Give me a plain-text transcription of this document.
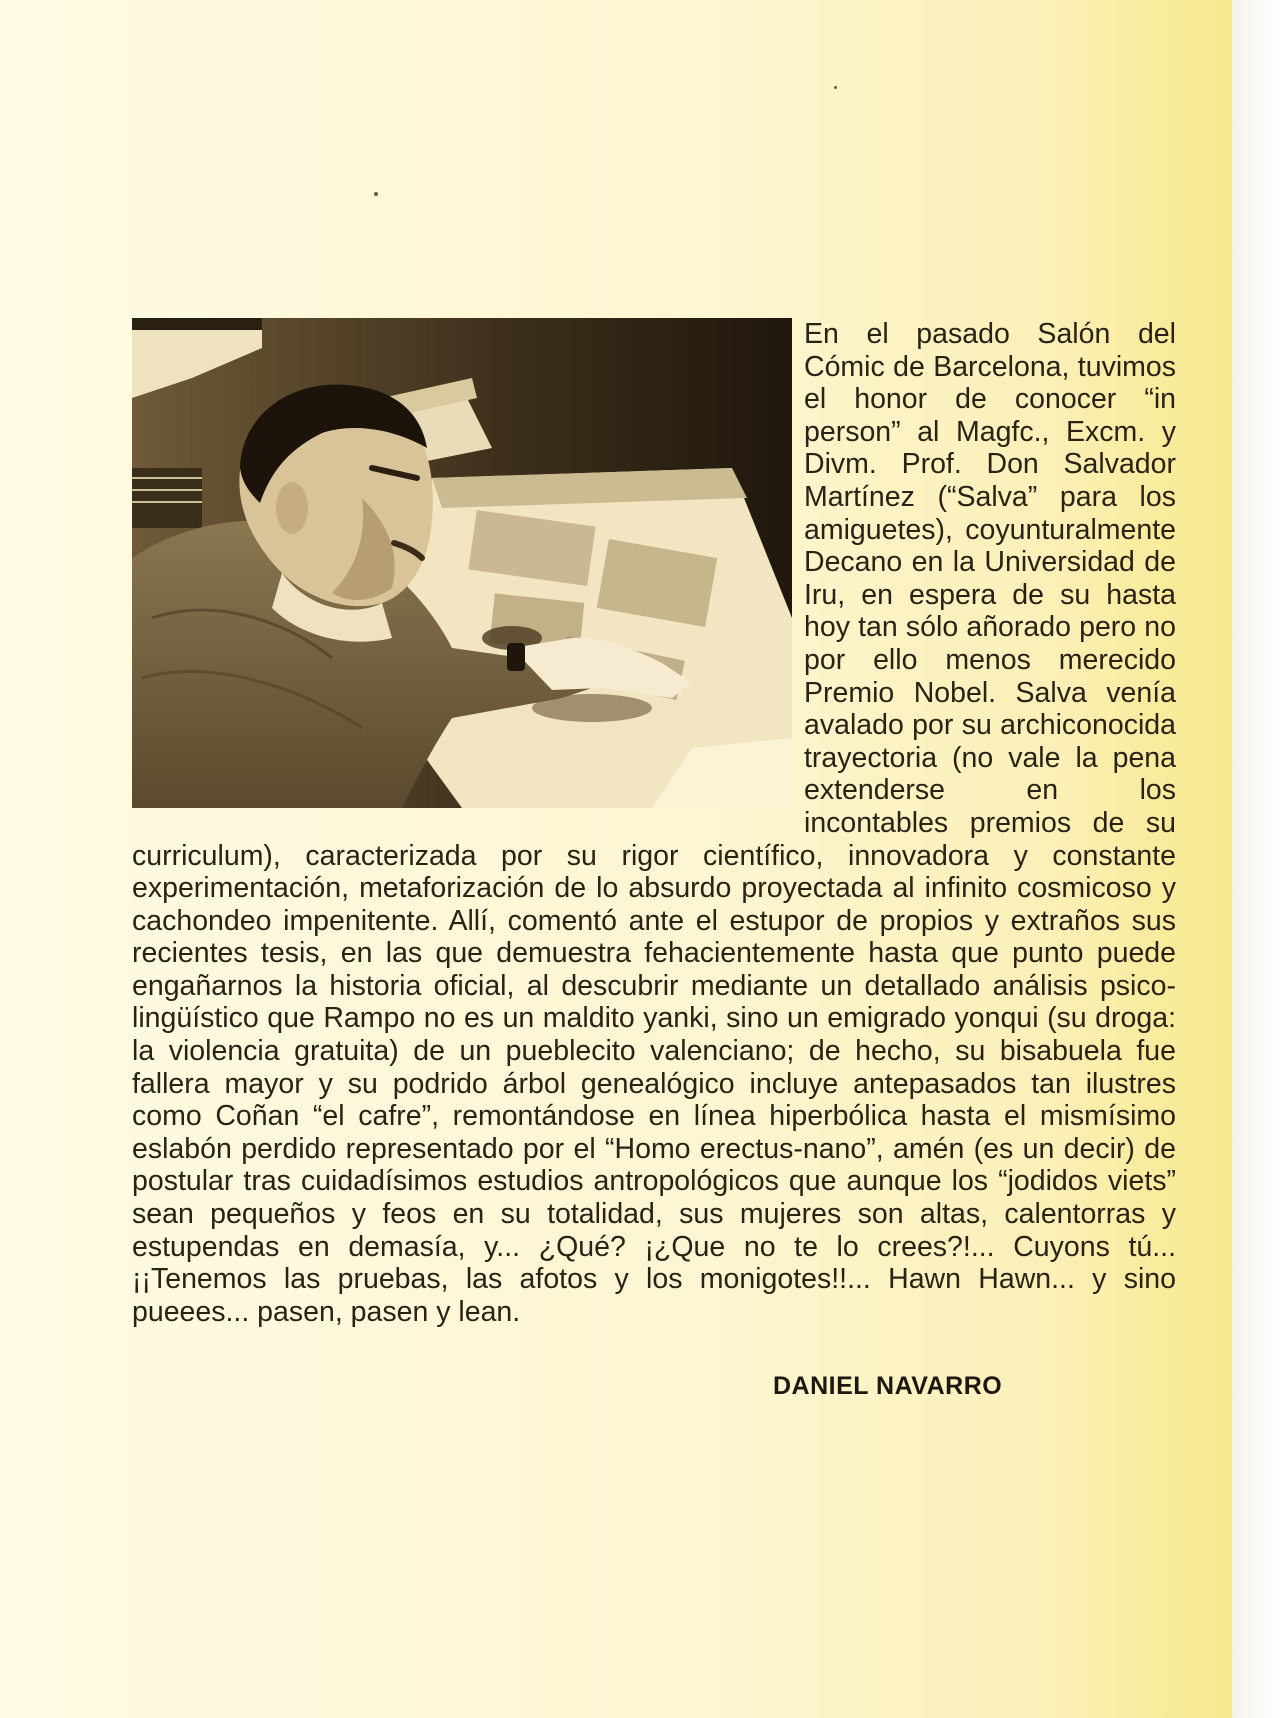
En el pasado Salón del Cómic de Barcelona, tuvimos el honor de conocer “in person” al Magfc., Excm. y Divm. Prof. Don Salvador Martínez (“Salva” para los amiguetes), coyunturalmente Decano en la Universidad de Iru, en espera de su hasta hoy tan sólo añorado pero no por ello menos merecido Premio Nobel. Salva venía avalado por su archiconocida trayectoria (no vale la pena extenderse en los incontables premios de su curriculum), caracterizada por su rigor científico, innovadora y constante experimentación, metaforización de lo absurdo proyectada al infinito cosmicoso y cachondeo impenitente. Allí, comentó ante el estupor de propios y extraños sus recientes tesis, en las que demuestra fehacientemente hasta que punto puede engañarnos la historia oficial, al descubrir mediante un detallado análisis psico-lingüístico que Rampo no es un maldito yanki, sino un emigrado yonqui (su droga: la violencia gratuita) de un pueblecito valenciano; de hecho, su bisabuela fue fallera mayor y su podrido árbol genealógico incluye antepasados tan ilustres como Coñan “el cafre”, remontándose en línea hiperbólica hasta el mismísimo eslabón perdido representado por el “Homo erectus-nano”, amén (es un decir) de postular tras cuidadísimos estudios antropológicos que aunque los “jodidos viets” sean pequeños y feos en su totalidad, sus mujeres son altas, calentorras y estupendas en demasía, y... ¿Qué? ¡¿Que no te lo crees?!... Cuyons tú... ¡¡Tenemos las pruebas, las afotos y los monigotes!!... Hawn Hawn... y sino pueees... pasen, pasen y lean.

DANIEL NAVARRO
